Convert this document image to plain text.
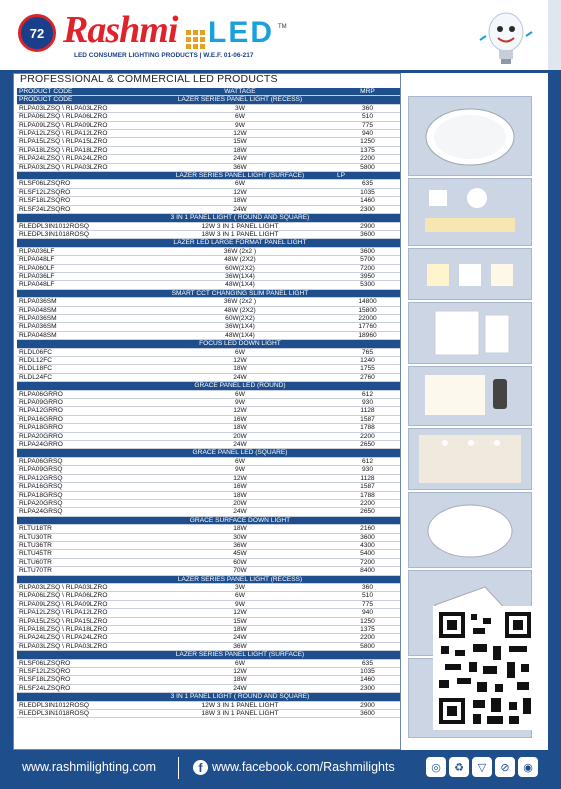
72 Rashmi LED TM
LED CONSUMER LIGHTING PRODUCTS | W.E.F. 01-06-217
PROFESSIONAL & COMMERCIAL LED PRODUCTS
PRODUCT CODE	WATTAGE	MRP
PRODUCT CODE	LAZER SERIES PANEL LIGHT (RECESS)	
RLPA03LZSQ \ RLPA03LZRO	3W	360
RLPA06LZSQ \ RLPA06LZRO	6W	510
RLPA09LZSQ \ RLPA09LZRO	9W	775
RLPA12LZSQ \ RLPA12LZRO	12W	940
RLPA15LZSQ \ RLPA15LZRO	15W	1250
RLPA18LZSQ \ RLPA18LZRO	18W	1375
RLPA24LZSQ \ RLPA24LZRO	24W	2200
RLPA03LZSQ \ RLPA03LZRO	36W	5800
	LAZER SERIES PANEL LIGHT (SURFACE)	LP
RLSF06LZSQRO	6W	635
RLSF12LZSQRO	12W	1035
RLSF18LZSQRO	18W	1460
RLSF24LZSQRO	24W	2300
	3 IN 1 PANEL LIGHT ( ROUND AND SQUARE)	
RLEDPL3IN1012ROSQ	12W 3 IN 1 PANEL LIGHT	2900
RLEDPL3IN1018ROSQ	18W 3 IN 1 PANEL LIGHT	3600
	LAZER LED LARGE FORMAT PANEL LIGHT	
RLPA036LF	36W (2x2 )	3600
RLPA048LF	48W (2X2)	5700
RLPA060LF	60W(2X2)	7200
RLPA036LF	36W(1X4)	3950
RLPA048LF	48W(1X4)	5300
	SMART CCT CHANGING SLIM PANEL LIGHT	
RLPA036SM	36W (2x2 )	14800
RLPA048SM	48W (2X2)	15800
RLPA036SM	60W(2X2)	22000
RLPA036SM	36W(1X4)	17760
RLPA048SM	48W(1X4)	18960
	FOCUS LED DOWN LIGHT	
RLDL06FC	6W	765
RLDL12FC	12W	1240
RLDL18FC	18W	1755
RLDL24FC	24W	2760
	GRACE PANEL LED (ROUND)	
RLPA06GRRO	6W	612
RLPA09GRRO	9W	930
RLPA12GRRO	12W	1128
RLPA16GRRO	16W	1587
RLPA18GRRO	18W	1788
RLPA20GRRO	20W	2200
RLPA24GRRO	24W	2650
	GRACE PANEL LED (SQUARE)	
RLPA06GRSQ	6W	612
RLPA09GRSQ	9W	930
RLPA12GRSQ	12W	1128
RLPA16GRSQ	16W	1587
RLPA18GRSQ	18W	1788
RLPA20GRSQ	20W	2200
RLPA24GRSQ	24W	2650
	GRACE SURFACE DOWN LIGHT	
RLTU18TR	18W	2160
RLTU30TR	30W	3600
RLTU36TR	36W	4300
RLTU45TR	45W	5400
RLTU60TR	60W	7200
RLTU70TR	70W	8400
	LAZER SERIES PANEL LIGHT (RECESS)	
RLPA03LZSQ \ RLPA03LZRO	3W	360
RLPA06LZSQ \ RLPA06LZRO	6W	510
RLPA09LZSQ \ RLPA09LZRO	9W	775
RLPA12LZSQ \ RLPA12LZRO	12W	940
RLPA15LZSQ \ RLPA15LZRO	15W	1250
RLPA18LZSQ \ RLPA18LZRO	18W	1375
RLPA24LZSQ \ RLPA24LZRO	24W	2200
RLPA03LZSQ \ RLPA03LZRO	36W	5800
	LAZER SERIES PANEL LIGHT (SURFACE)	
RLSF06LZSQRO	6W	635
RLSF12LZSQRO	12W	1035
RLSF18LZSQRO	18W	1460
RLSF24LZSQRO	24W	2300
	3 IN 1 PANEL LIGHT ( ROUND AND SQUARE)	
RLEDPL3IN1012ROSQ	12W 3 IN 1 PANEL LIGHT	2900
RLEDPL3IN1018ROSQ	18W 3 IN 1 PANEL LIGHT	3600
www.rashmilighting.com	f www.facebook.com/Rashmilights	◎ ♻ ▽ ⊘ ◉
